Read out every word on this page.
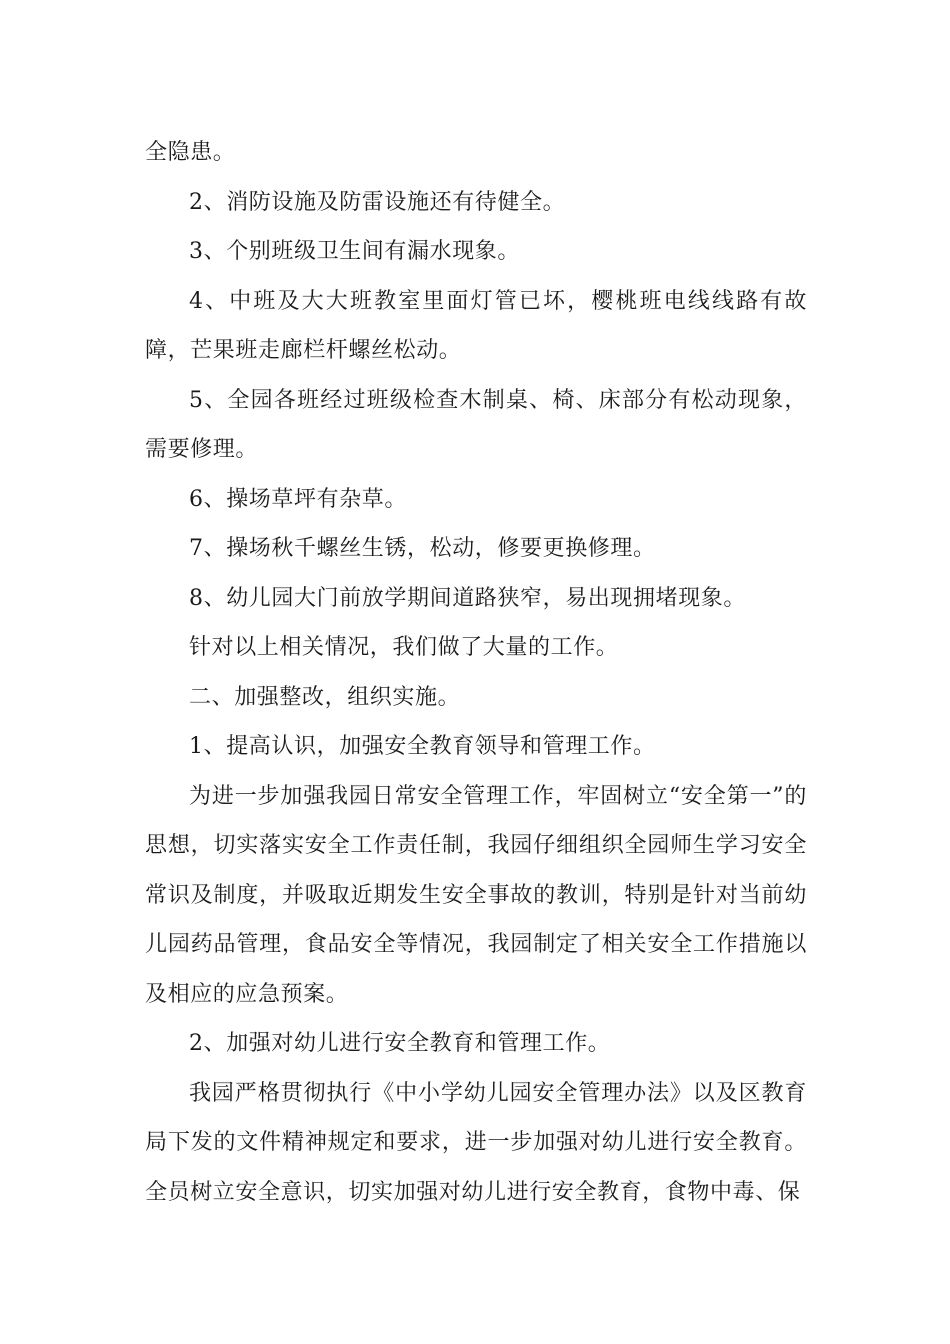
全隐患。

2、消防设施及防雷设施还有待健全。

3、个别班级卫生间有漏水现象。

4、中班及大大班教室里面灯管已坏，樱桃班电线线路有故障，芒果班走廊栏杆螺丝松动。

5、全园各班经过班级检查木制桌、椅、床部分有松动现象，需要修理。

6、操场草坪有杂草。

7、操场秋千螺丝生锈，松动，修要更换修理。

8、幼儿园大门前放学期间道路狭窄，易出现拥堵现象。

针对以上相关情况，我们做了大量的工作。

二、加强整改，组织实施。

1、提高认识，加强安全教育领导和管理工作。

为进一步加强我园日常安全管理工作，牢固树立“安全第一”的思想，切实落实安全工作责任制，我园仔细组织全园师生学习安全常识及制度，并吸取近期发生安全事故的教训，特别是针对当前幼儿园药品管理，食品安全等情况，我园制定了相关安全工作措施以及相应的应急预案。

2、加强对幼儿进行安全教育和管理工作。

我园严格贯彻执行《中小学幼儿园安全管理办法》以及区教育局下发的文件精神规定和要求，进一步加强对幼儿进行安全教育。全员树立安全意识，切实加强对幼儿进行安全教育，食物中毒、保
